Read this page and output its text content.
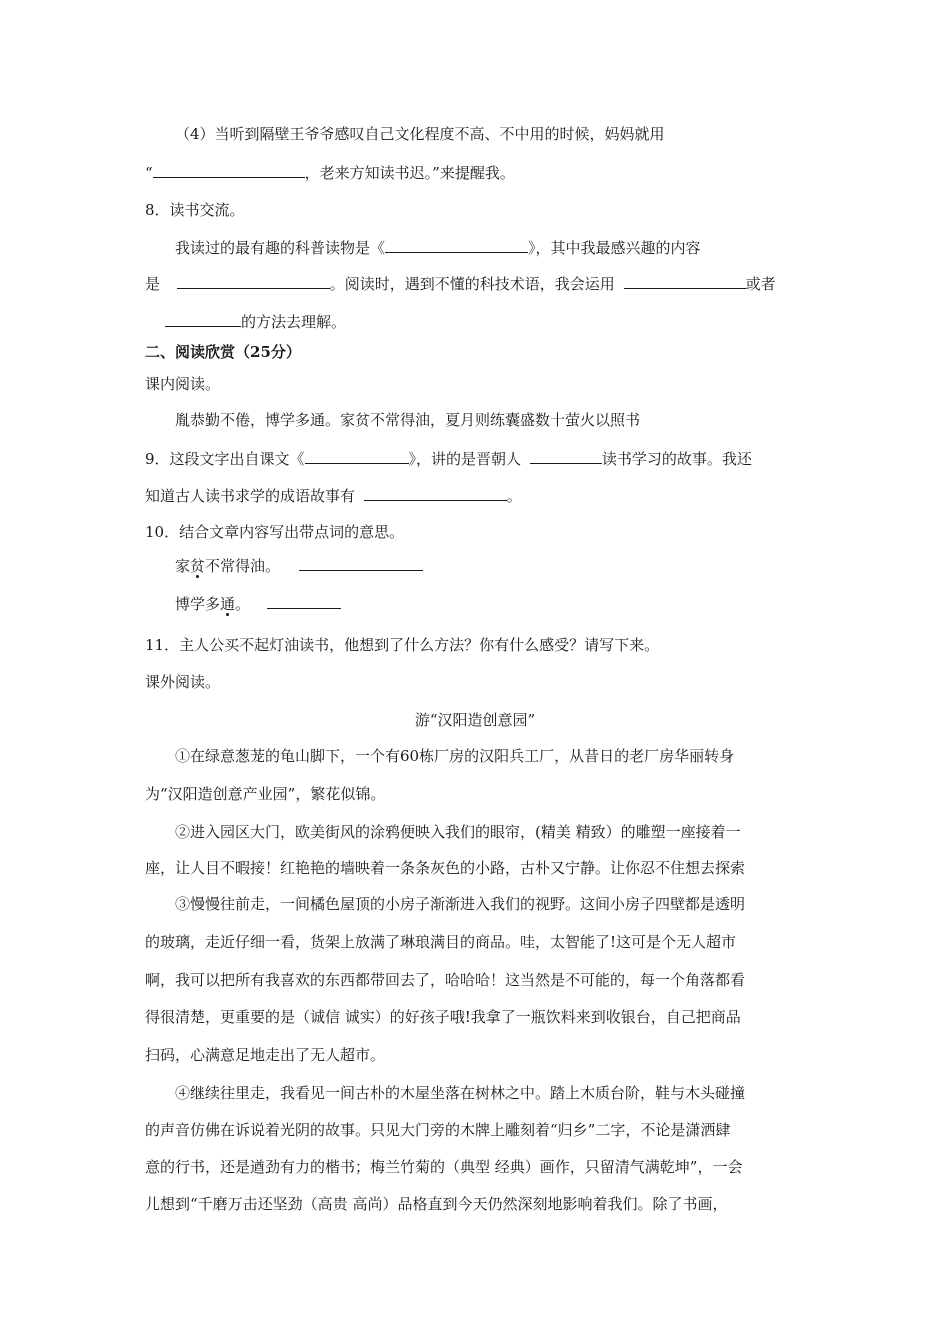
（4）当听到隔壁王爷爷感叹自己文化程度不高、不中用的时候，妈妈就用
“	，老来方知读书迟。”来提醒我。
8．读书交流。
我读过的最有趣的科普读物是《	》，其中我最感兴趣的内容
是	。阅读时，遇到不懂的科技术语，我会运用	或者
的方法去理解。
二、阅读欣赏（25分）
课内阅读。
胤恭勤不倦，博学多通。家贫不常得油，夏月则练囊盛数十萤火以照书
9．这段文字出自课文《	》，讲的是晋朝人	读书学习的故事。我还
知道古人读书求学的成语故事有	。
10．结合文章内容写出带点词的意思。
家贫
不常得油。
博学多通
。
11．主人公买不起灯油读书，他想到了什么方法？你有什么感受？请写下来。
课外阅读。
游“汉阳造创意园”
①在绿意葱茏的龟山脚下，一个有60栋厂房的汉阳兵工厂，从昔日的老厂房华丽转身
为“汉阳造创意产业园”，繁花似锦。
②进入园区大门，欧美街风的涂鸦便映入我们的眼帘，(精美 精致）的雕塑一座接着一
座，让人目不暇接！红艳艳的墙映着一条条灰色的小路，古朴又宁静。让你忍不住想去探索
③慢慢往前走，一间橘色屋顶的小房子渐渐进入我们的视野。这间小房子四壁都是透明
的玻璃，走近仔细一看，货架上放满了琳琅满目的商品。哇，太智能了!这可是个无人超市
啊，我可以把所有我喜欢的东西都带回去了，哈哈哈！这当然是不可能的，每一个角落都看
得很清楚，更重要的是（诚信 诚实）的好孩子哦!我拿了一瓶饮料来到收银台，自己把商品
扫码，心满意足地走出了无人超市。
④继续往里走，我看见一间古朴的木屋坐落在树林之中。踏上木质台阶，鞋与木头碰撞
的声音仿佛在诉说着光阴的故事。只见大门旁的木牌上雕刻着“归乡”二字，不论是潇洒肆
意的行书，还是遒劲有力的楷书；梅兰竹菊的（典型 经典）画作，只留清气满乾坤”，一会
儿想到“千磨万击还坚劲（高贵 高尚）品格直到今天仍然深刻地影响着我们。除了书画，
